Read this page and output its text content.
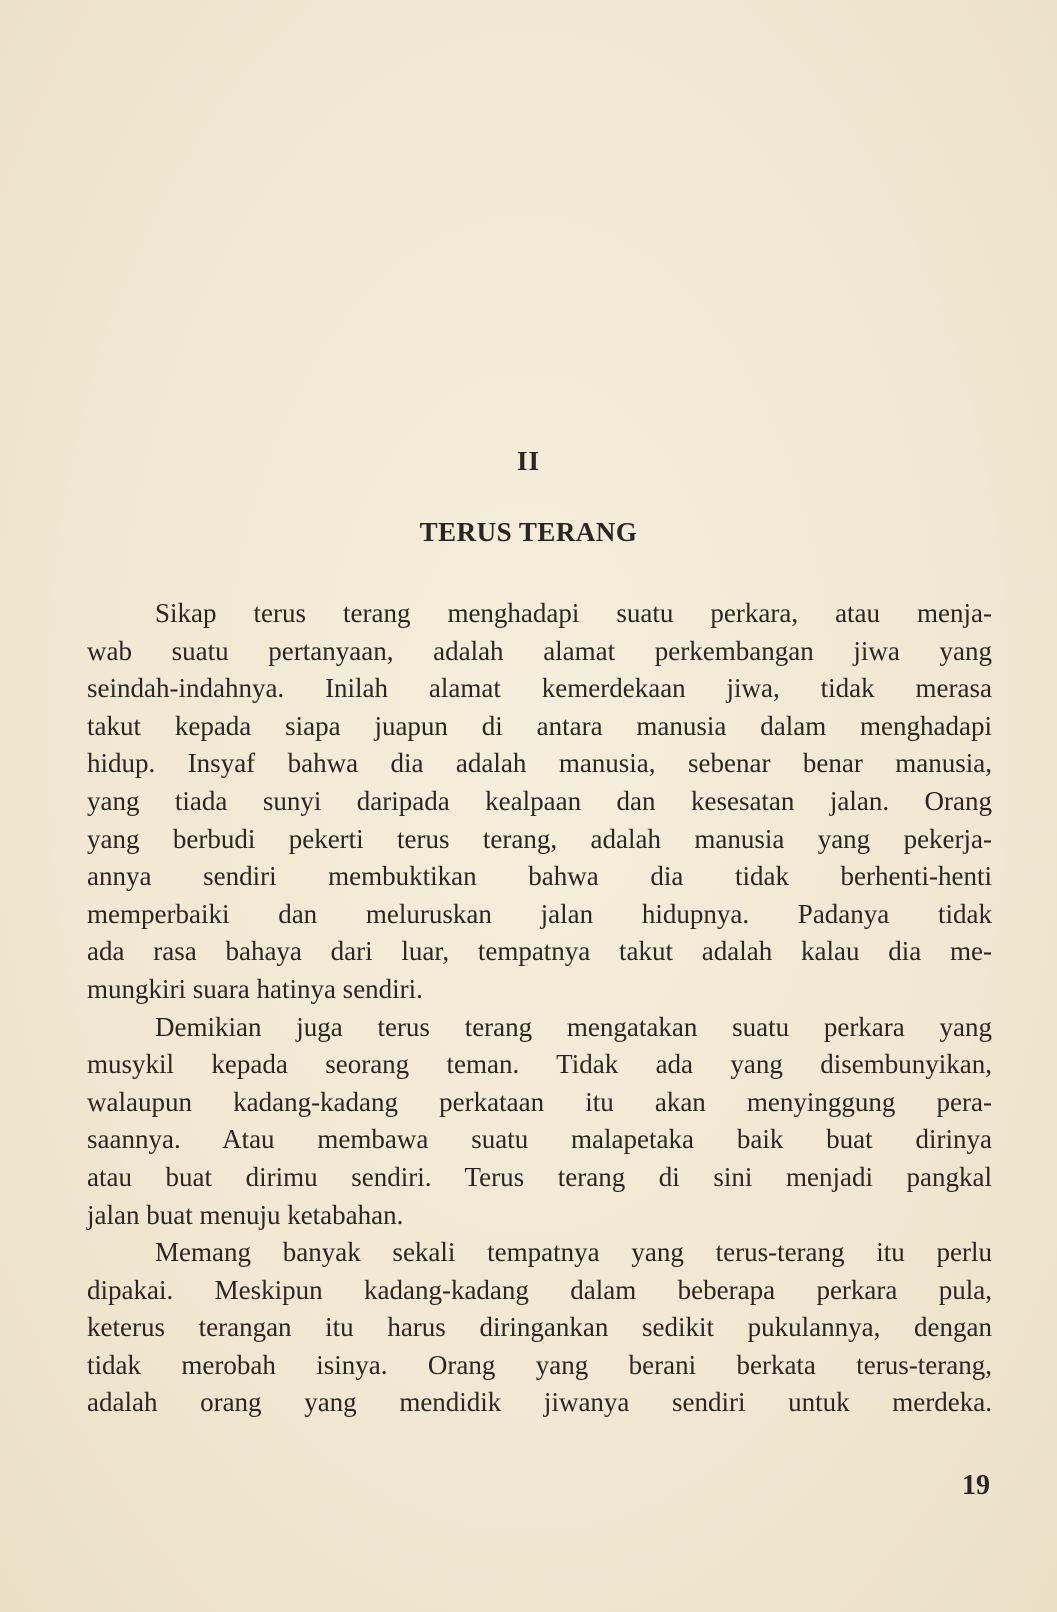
II
TERUS TERANG
Sikap terus terang menghadapi suatu perkara, atau menja-
wab suatu pertanyaan, adalah alamat perkembangan jiwa yang
seindah-indahnya. Inilah alamat kemerdekaan jiwa, tidak merasa
takut kepada siapa juapun di antara manusia dalam menghadapi
hidup. Insyaf bahwa dia adalah manusia, sebenar benar manusia,
yang tiada sunyi daripada kealpaan dan kesesatan jalan. Orang
yang berbudi pekerti terus terang, adalah manusia yang pekerja-
annya sendiri membuktikan bahwa dia tidak berhenti-henti
memperbaiki dan meluruskan jalan hidupnya. Padanya tidak
ada rasa bahaya dari luar, tempatnya takut adalah kalau dia me-
mungkiri suara hatinya sendiri.
Demikian juga terus terang mengatakan suatu perkara yang
musykil kepada seorang teman. Tidak ada yang disembunyikan,
walaupun kadang-kadang perkataan itu akan menyinggung pera-
saannya. Atau membawa suatu malapetaka baik buat dirinya
atau buat dirimu sendiri. Terus terang di sini menjadi pangkal
jalan buat menuju ketabahan.
Memang banyak sekali tempatnya yang terus-terang itu perlu
dipakai. Meskipun kadang-kadang dalam beberapa perkara pula,
keterus terangan itu harus diringankan sedikit pukulannya, dengan
tidak merobah isinya. Orang yang berani berkata terus-terang,
adalah orang yang mendidik jiwanya sendiri untuk merdeka.
19
